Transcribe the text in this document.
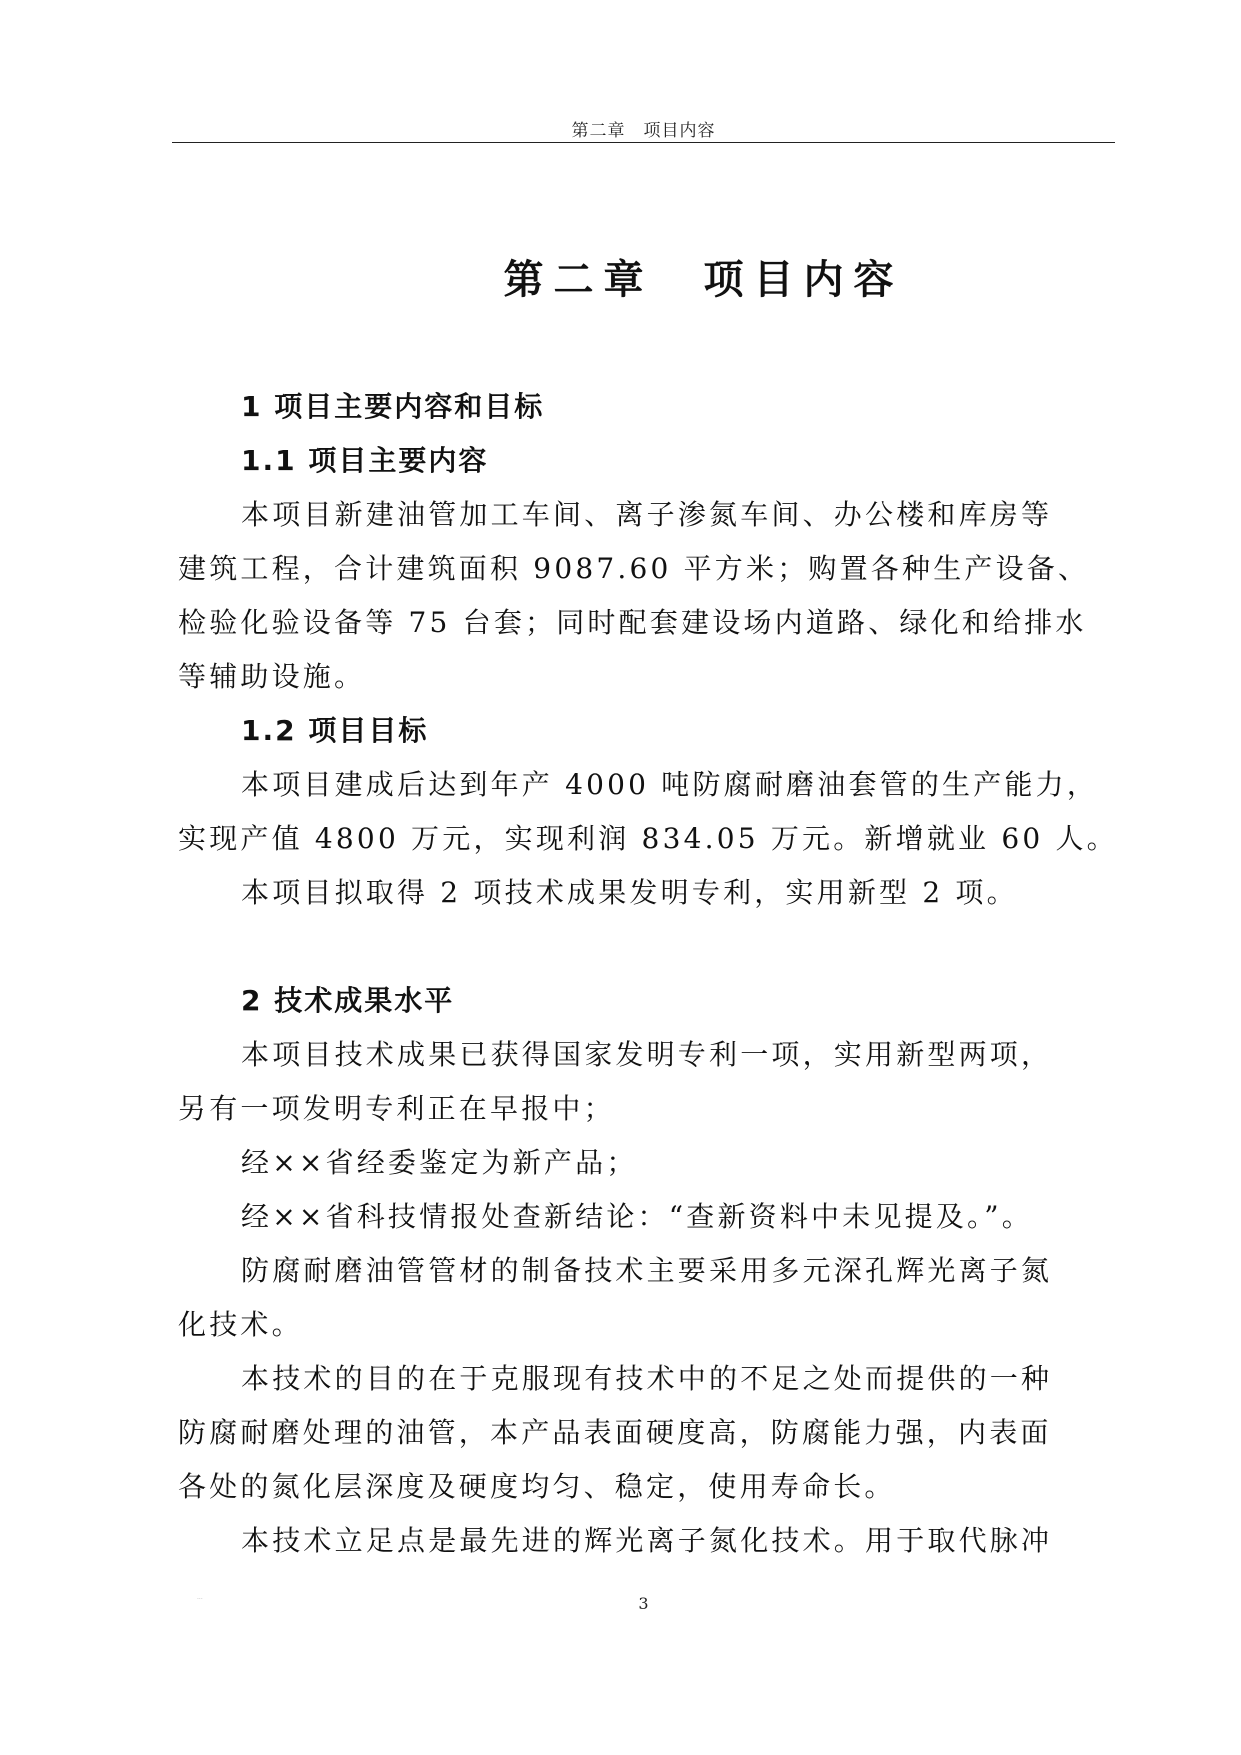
第二章　项目内容
第二章 项目内容
1 项目主要内容和目标
1.1 项目主要内容
本项目新建油管加工车间、离子渗氮车间、办公楼和库房等
建筑工程，合计建筑面积 9087.60 平方米；购置各种生产设备、
检验化验设备等 75 台套；同时配套建设场内道路、绿化和给排水
等辅助设施。
1.2 项目目标
本项目建成后达到年产 4000 吨防腐耐磨油套管的生产能力，
实现产值 4800 万元，实现利润 834.05 万元。新增就业 60 人。
本项目拟取得 2 项技术成果发明专利，实用新型 2 项。
2 技术成果水平
本项目技术成果已获得国家发明专利一项，实用新型两项，
另有一项发明专利正在早报中；
经××省经委鉴定为新产品；
经××省科技情报处查新结论：“查新资料中未见提及。”。
防腐耐磨油管管材的制备技术主要采用多元深孔辉光离子氮
化技术。
本技术的目的在于克服现有技术中的不足之处而提供的一种
防腐耐磨处理的油管，本产品表面硬度高，防腐能力强，内表面
各处的氮化层深度及硬度均匀、稳定，使用寿命长。
本技术立足点是最先进的辉光离子氮化技术。用于取代脉冲
...	3
